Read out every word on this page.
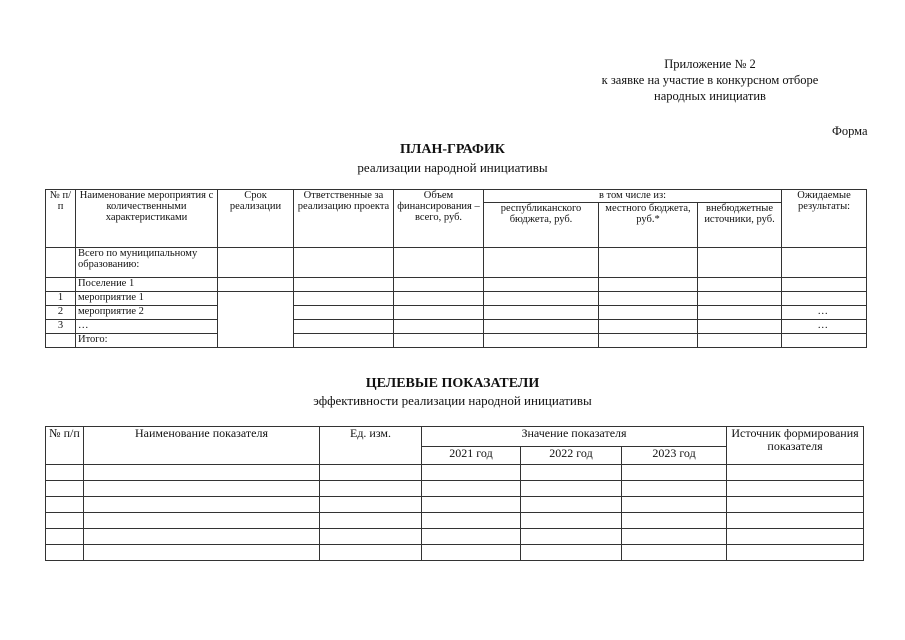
Приложение № 2
к заявке на участие в конкурсном отборе
народных инициатив
Форма
ПЛАН-ГРАФИК
реализации народной инициативы
№ п/п	Наименование мероприятия с количественными характеристиками	Срок реализации	Ответственные за реализацию проекта	Объем финансирования – всего, руб.	в том числе из:			Ожидаемые результаты:
					республиканского бюджета, руб.	местного бюджета, руб.*	внебюджетные источники, руб.	
	Всего по муниципальному образованию:							
	Поселение 1							
1	мероприятие 1							
2	мероприятие 2							…
3	…							…
	Итого:							
ЦЕЛЕВЫЕ ПОКАЗАТЕЛИ
эффективности реализации народной инициативы
№ п/п	Наименование показателя	Ед. изм.	Значение показателя			Источник формирования показателя
			2021 год	2022 год	2023 год	
